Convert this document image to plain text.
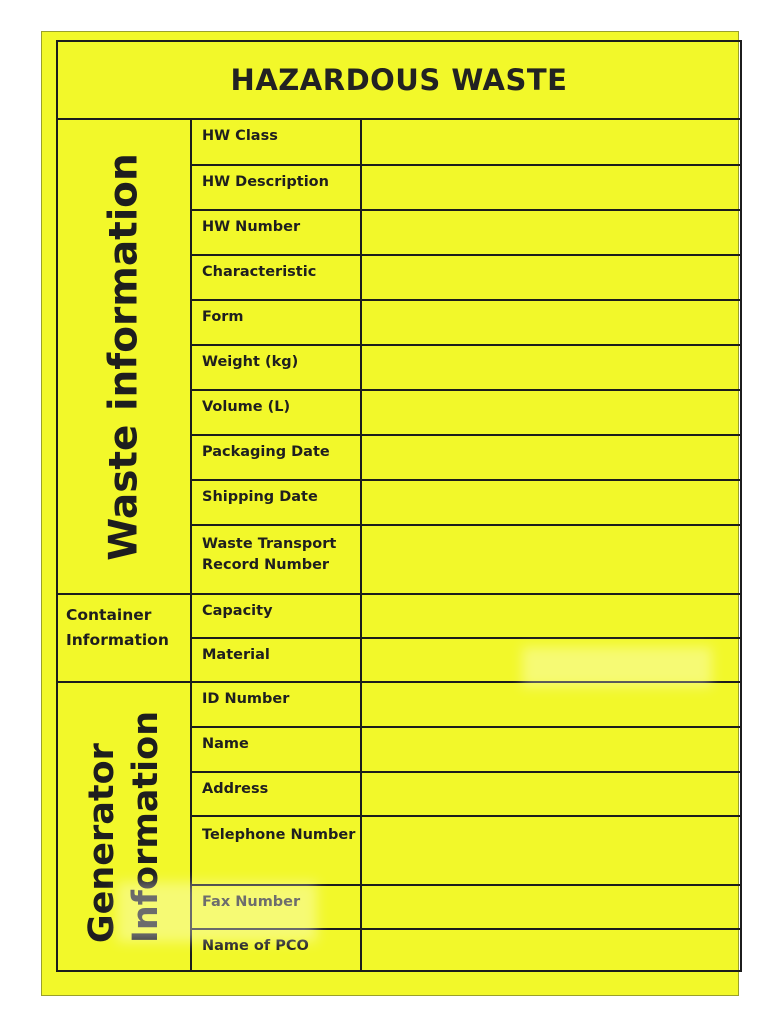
HAZARDOUS WASTE
Waste information
HW Class
HW Description
HW Number
Characteristic
Form
Weight (kg)
Volume (L)
Packaging Date
Shipping Date
Waste Transport Record Number
Container
Information
Capacity
Material
Generator Information
ID Number
Name
Address
Telephone Number
Fax Number
Name of PCO
